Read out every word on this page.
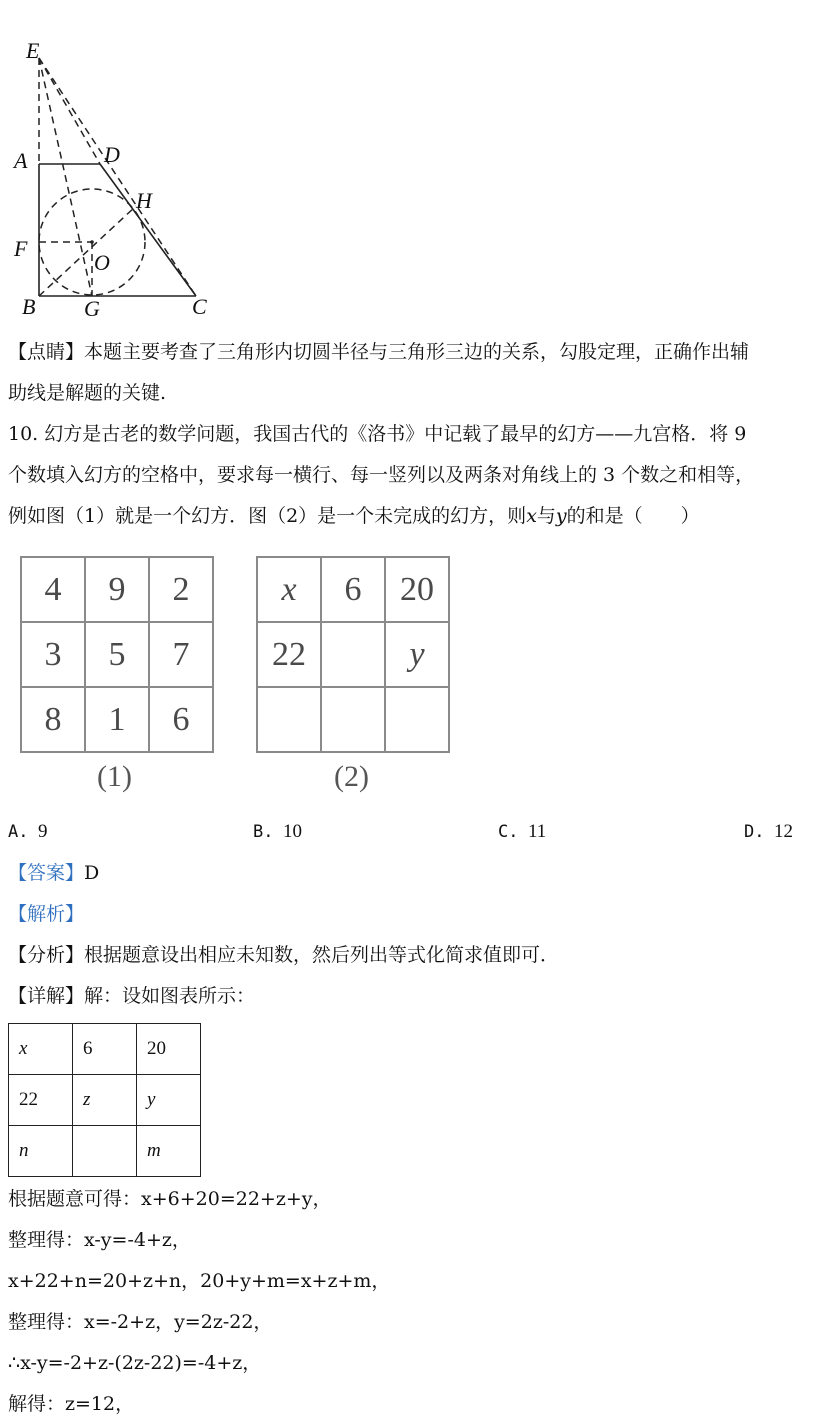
E
A	D
H
F
O
B G	C
【点睛】本题主要考查了三角形内切圆半径与三角形三边的关系，勾股定理，正确作出辅
助线是解题的关键.
10. 幻方是古老的数学问题，我国古代的《洛书》中记载了最早的幻方——九宫格．将 9
个数填入幻方的空格中，要求每一横行、每一竖列以及两条对角线上的 3 个数之和相等，
例如图（1）就是一个幻方．图（2）是一个未完成的幻方，则x与y的和是（　　）
4	9	2
3	5	7
8	1	6
(1)
x	6	20
22		y

(2)
A. 9	B. 10	C. 11	D. 12
【答案】D
【解析】
【分析】根据题意设出相应未知数，然后列出等式化简求值即可．
【详解】解：设如图表所示：
x	6	20
22	z	y
n		m
根据题意可得：x+6+20=22+z+y，
整理得：x-y=-4+z，
x+22+n=20+z+n，20+y+m=x+z+m，
整理得：x=-2+z，y=2z-22，
∴x-y=-2+z-(2z-22)=-4+z，
解得：z=12，
